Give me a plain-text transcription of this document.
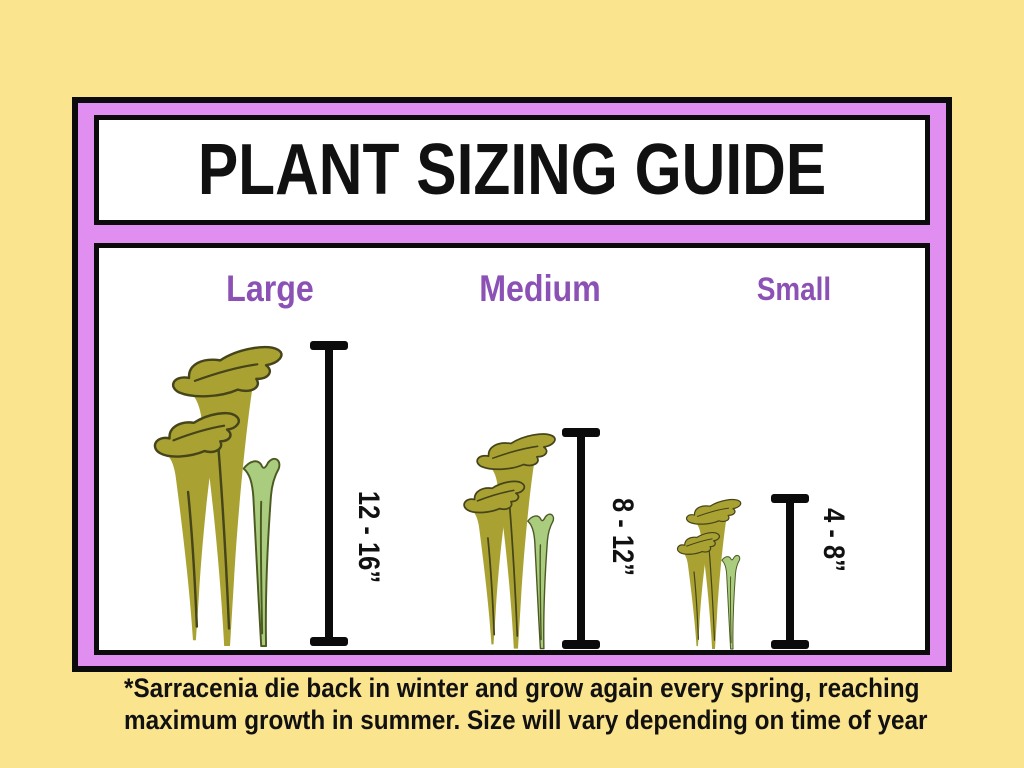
PLANT SIZING GUIDE

Large	Medium	Small

12 - 16”	8 - 12”	4 - 8”

*Sarracenia die back in winter and grow again every spring, reaching

maximum growth in summer. Size will vary depending on time of year
